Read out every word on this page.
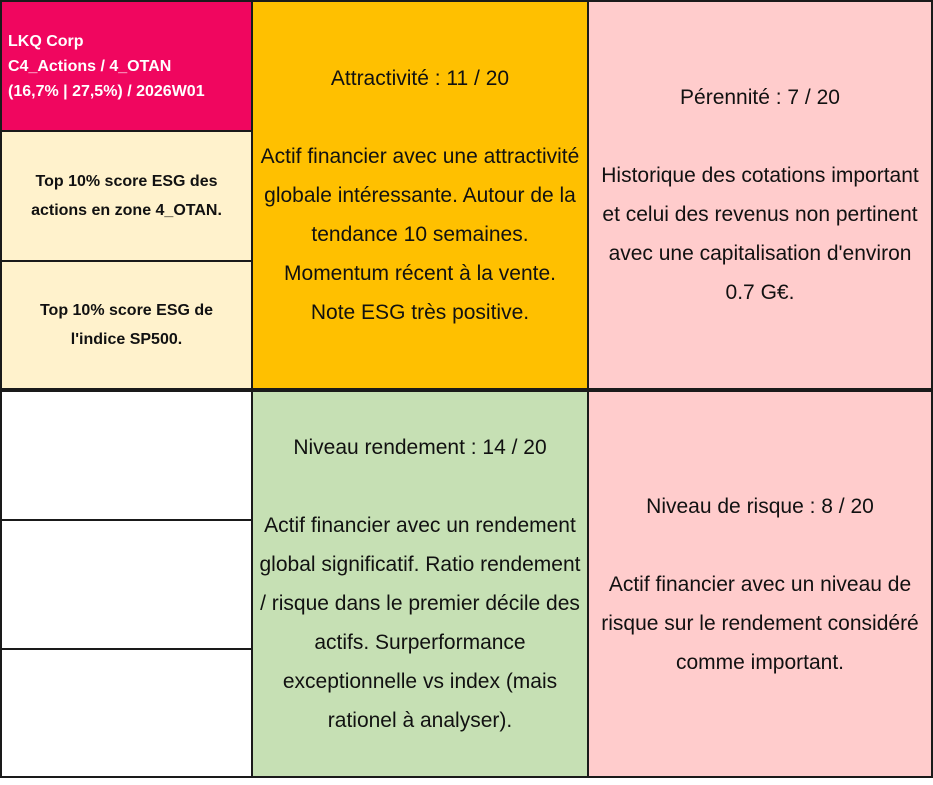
LKQ Corp
C4_Actions / 4_OTAN
(16,7% | 27,5%) / 2026W01
Top 10% score ESG des actions en zone 4_OTAN.
Top 10% score ESG de l'indice SP500.
Attractivité : 11 / 20
Actif financier avec une attractivité globale intéressante. Autour de la tendance 10 semaines. Momentum récent à la vente. Note ESG très positive.
Pérennité : 7 / 20
Historique des cotations important et celui des revenus non pertinent avec une capitalisation d'environ 0.7 G€.
Niveau rendement : 14 / 20
Actif financier avec un rendement global significatif. Ratio rendement / risque dans le premier décile des actifs. Surperformance exceptionnelle vs index (mais rationel à analyser).
Niveau de risque : 8 / 20
Actif financier avec un niveau de risque sur le rendement considéré comme important.
